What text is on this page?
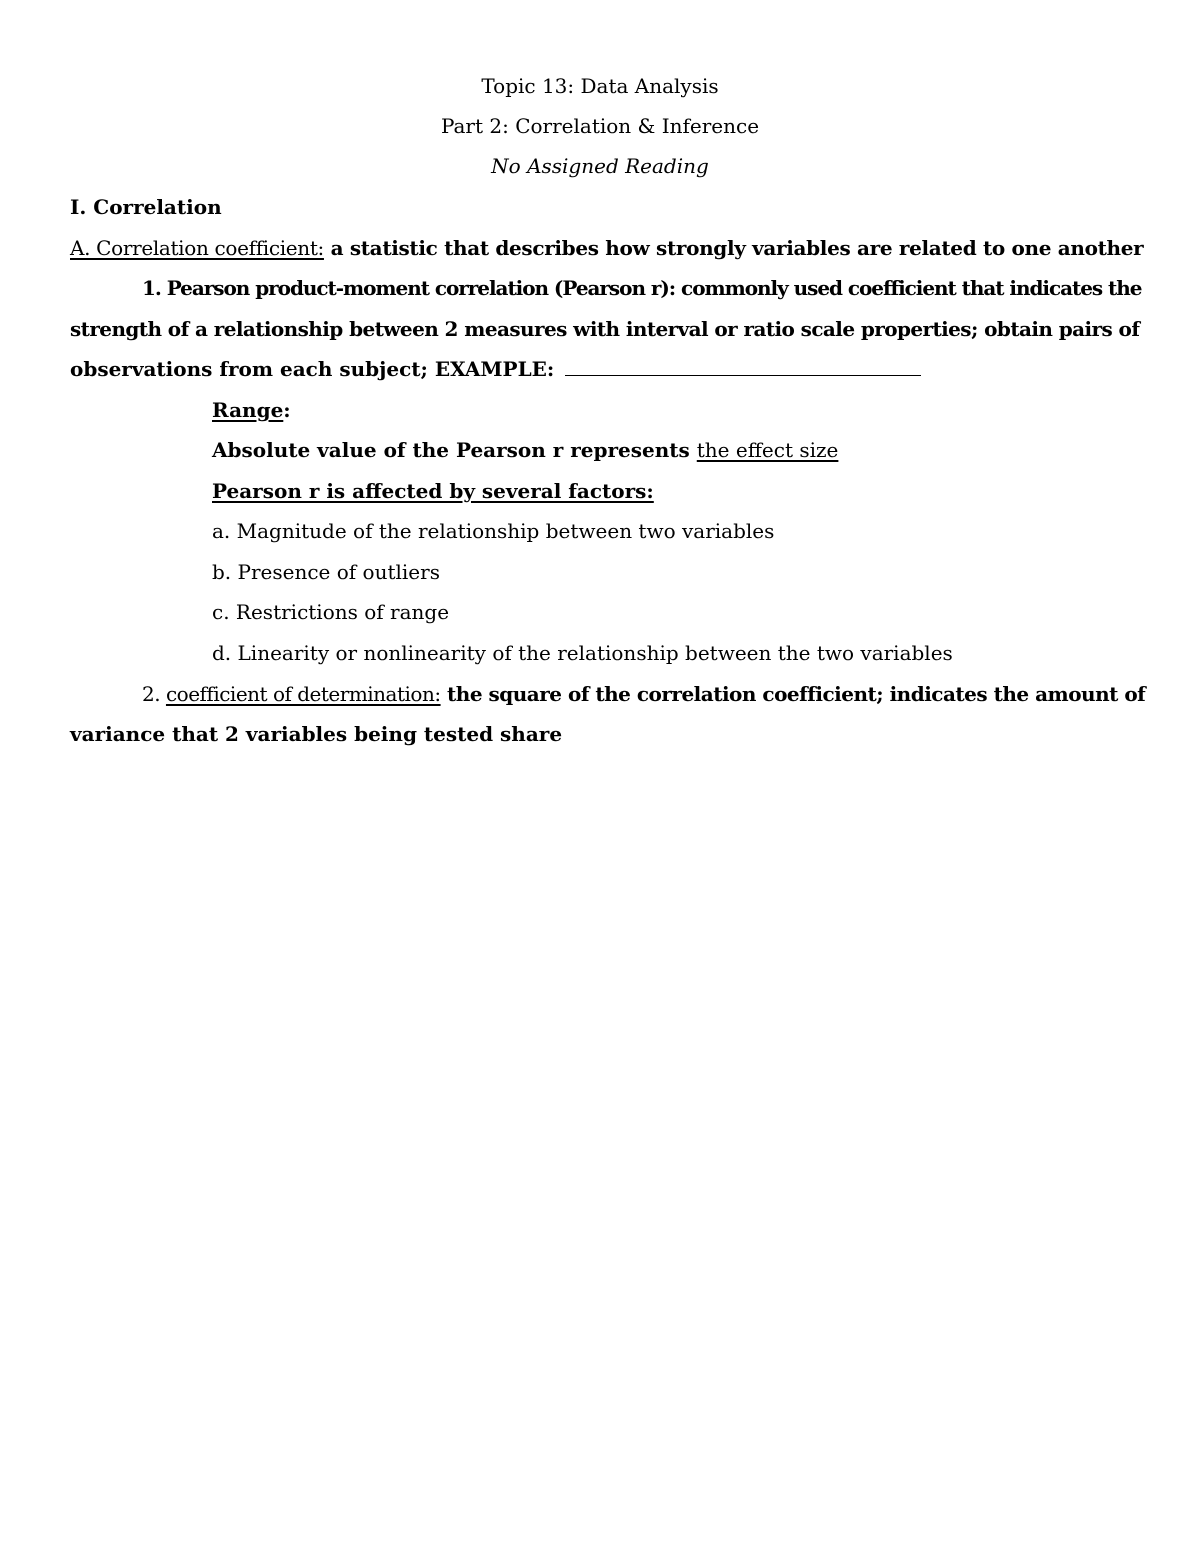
Topic 13: Data Analysis
Part 2: Correlation & Inference
No Assigned Reading
I. Correlation
A. Correlation coefficient: a statistic that describes how strongly variables are related to one another
1. Pearson product-moment correlation (Pearson r): commonly used coefficient that indicates the
strength of a relationship between 2 measures with interval or ratio scale properties; obtain pairs of
observations from each subject; EXAMPLE:
Range:
Absolute value of the Pearson r represents the effect size
Pearson r is affected by several factors:
a. Magnitude of the relationship between two variables
b. Presence of outliers
c. Restrictions of range
d. Linearity or nonlinearity of the relationship between the two variables
2. coefficient of determination: the square of the correlation coefficient; indicates the amount of
variance that 2 variables being tested share
